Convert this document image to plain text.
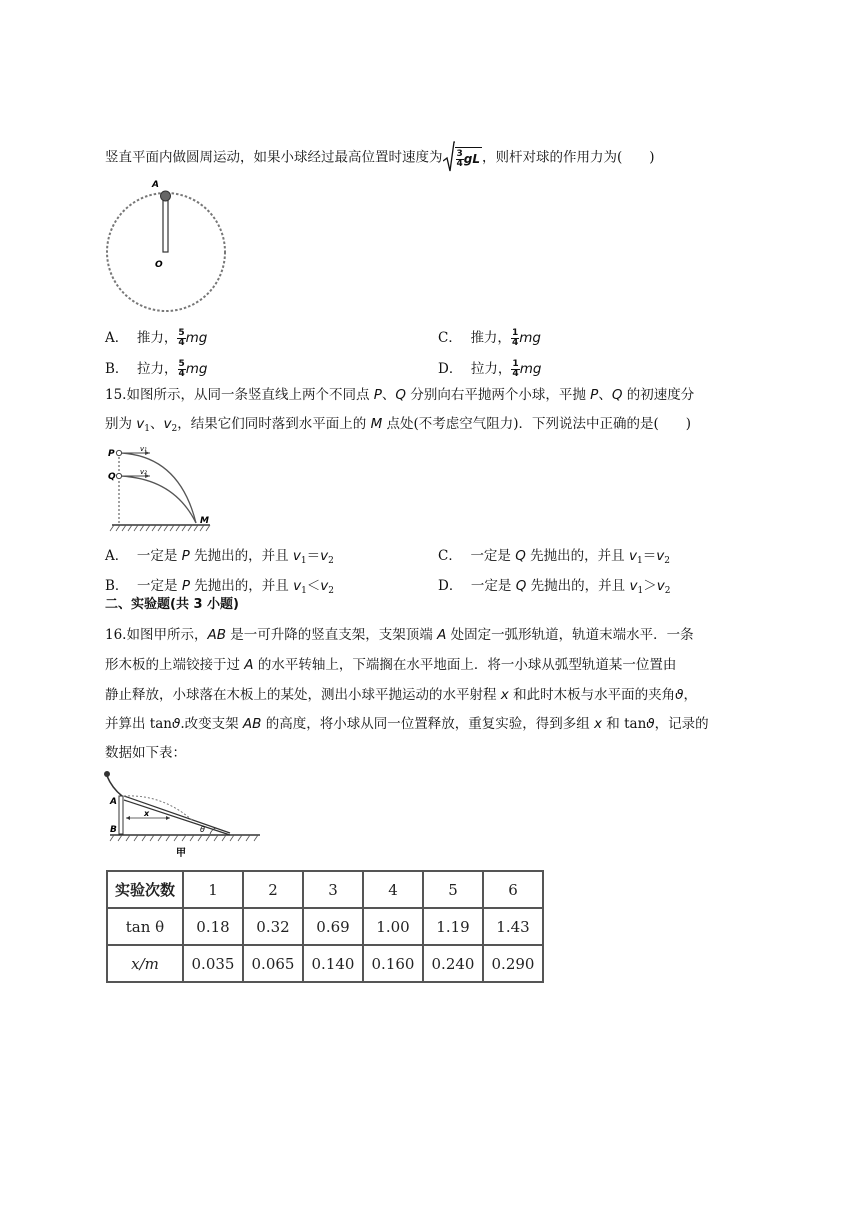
竖直平面内做圆周运动，如果小球经过最高位置时速度为 $\frac{3}{4}$ gL ，则杆对球的作用力为(　　)
A
O
A． 推力， $\frac{5}{4}$ mg	C． 推力， $\frac{1}{4}$ mg
B． 拉力， $\frac{5}{4}$ mg	D． 拉力， $\frac{1}{4}$ mg
15.如图所示，从同一条竖直线上两个不同点 P、Q 分别向右平抛两个小球，平抛 P、Q 的初速度分
别为 $v_1$、$v_2$，结果它们同时落到水平面上的 M 点处(不考虑空气阻力)．下列说法中正确的是(　　)
P
Q
v₁
v₂
M
A． 一定是 P 先抛出的，并且 $v_1=v_2$	C． 一定是 Q 先抛出的，并且 $v_1=v_2$
B． 一定是 P 先抛出的，并且 $v_1<v_2$	D． 一定是 Q 先抛出的，并且 $v_1>v_2$
二、实验题(共 3 小题)
16.如图甲所示，AB 是一可升降的竖直支架，支架顶端 A 处固定一弧形轨道，轨道末端水平．一条
形木板的上端铰接于过 A 的水平转轴上，下端搁在水平地面上．将一小球从弧型轨道某一位置由
静止释放，小球落在木板上的某处，测出小球平抛运动的水平射程 x 和此时木板与水平面的夹角ϑ，
并算出 tanϑ.改变支架 AB 的高度，将小球从同一位置释放，重复实验，得到多组 x 和 tanϑ，记录的
数据如下表：
A
B
x
θ
甲
实验次数	1	2	3	4	5	6
tan θ	0.18	0.32	0.69	1.00	1.19	1.43
x/m	0.035	0.065	0.140	0.160	0.240	0.290
